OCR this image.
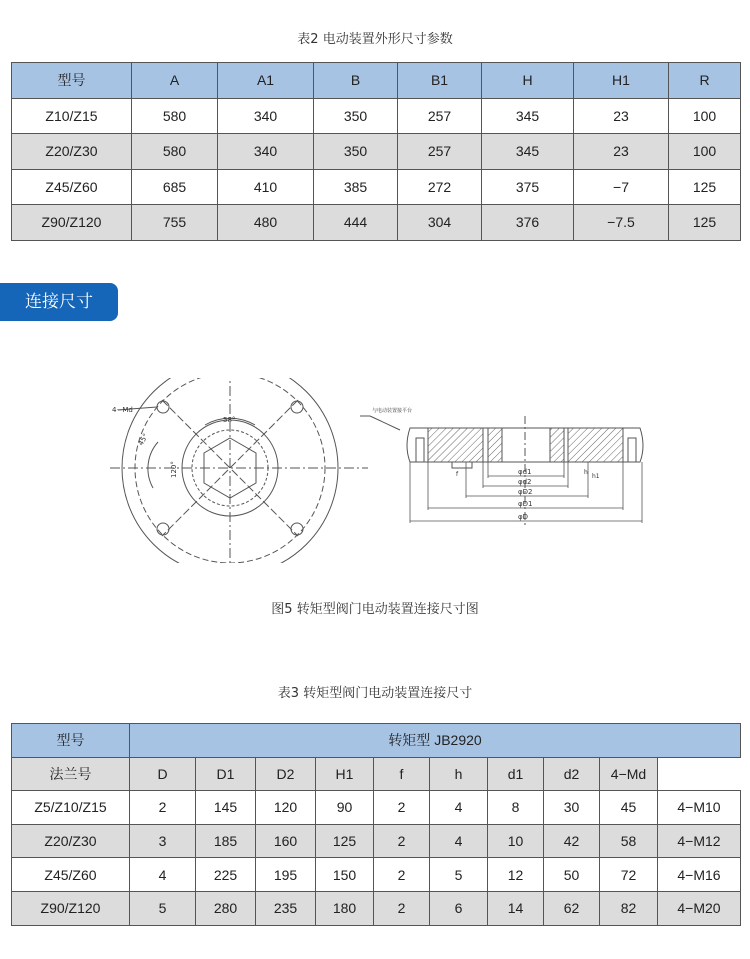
表2 电动装置外形尺寸参数
型号	A	A1	B	B1	H	H1	R
Z10/Z15	580	340	350	257	345	23	100
Z20/Z30	580	340	350	257	345	23	100
Z45/Z60	685	410	385	272	375	−7	125
Z90/Z120	755	480	444	304	376	−7.5	125
连接尺寸
4−Md
45°
58°
120°
与电动装置接平台
φd1
φd2
φD2
φD1
φD
f	h
h1
图5 转矩型阀门电动装置连接尺寸图
表3 转矩型阀门电动装置连接尺寸
型号	转矩型 JB2920									
法兰号	D	D1	D2	H1	f	h	d1	d2	4−Md	
Z5/Z10/Z15	2	145	120	90	2	4	8	30	45	4−M10
Z20/Z30	3	185	160	125	2	4	10	42	58	4−M12
Z45/Z60	4	225	195	150	2	5	12	50	72	4−M16
Z90/Z120	5	280	235	180	2	6	14	62	82	4−M20
